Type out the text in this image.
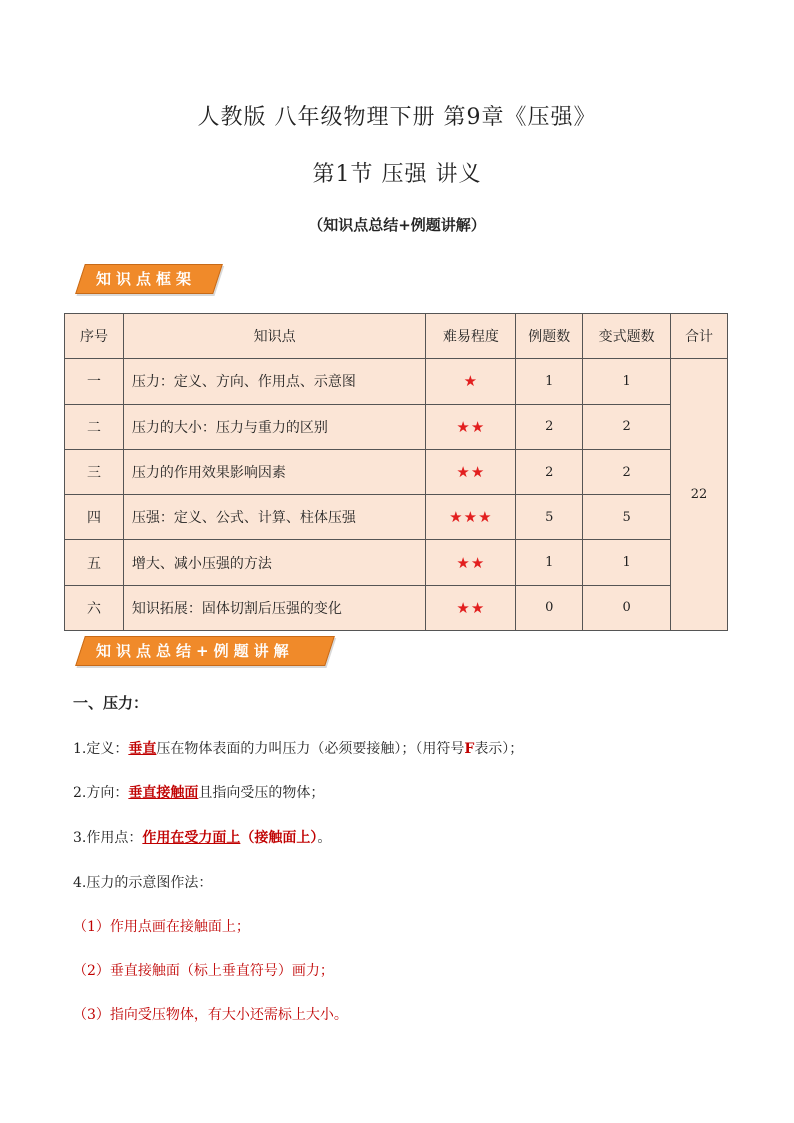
人教版 八年级物理下册 第9章《压强》
第1节 压强 讲义
（知识点总结+例题讲解）
知识点框架
序号	知识点	难易程度	例题数	变式题数	合计
一	压力：定义、方向、作用点、示意图	★	1	1	22
二	压力的大小：压力与重力的区别	★★	2	2	
三	压力的作用效果影响因素	★★	2	2	
四	压强：定义、公式、计算、柱体压强	★★★	5	5	
五	增大、减小压强的方法	★★	1	1	
六	知识拓展：固体切割后压强的变化	★★	0	0	
知识点总结+例题讲解
一、压力：
1.定义：垂直压在物体表面的力叫压力（必须要接触）；（用符号F表示）；
2.方向：垂直接触面且指向受压的物体；
3.作用点：作用在受力面上（接触面上）。
4.压力的示意图作法：
（1）作用点画在接触面上；
（2）垂直接触面（标上垂直符号）画力；
（3）指向受压物体，有大小还需标上大小。
